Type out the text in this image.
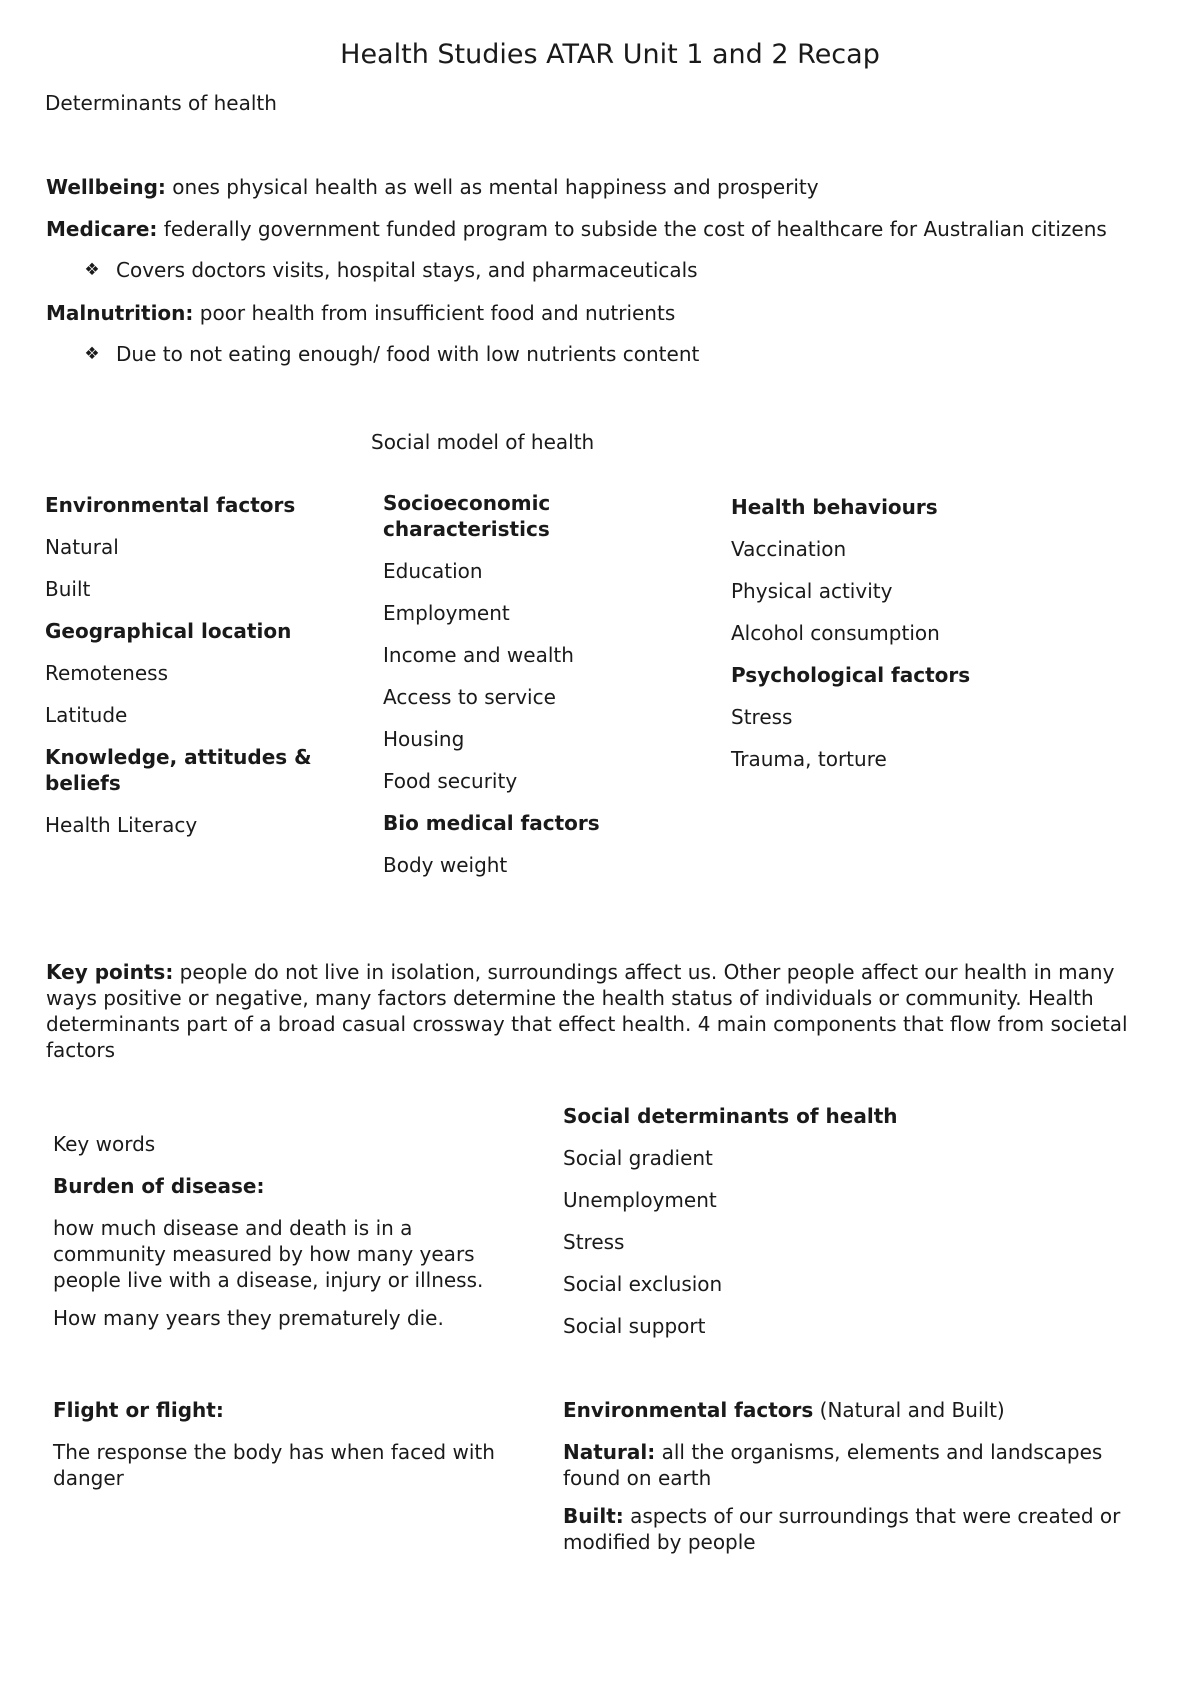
Health Studies ATAR Unit 1 and 2 Recap

Determinants of health

Wellbeing: ones physical health as well as mental happiness and prosperity

Medicare: federally government funded program to subside the cost of healthcare for Australian citizens

❖ Covers doctors visits, hospital stays, and pharmaceuticals

Malnutrition: poor health from insufficient food and nutrients

❖ Due to not eating enough/ food with low nutrients content

Social model of health

Environmental factors

Natural

Built

Geographical location

Remoteness

Latitude

Knowledge, attitudes & beliefs

Health Literacy

Socioeconomic characteristics

Education

Employment

Income and wealth

Access to service

Housing

Food security

Bio medical factors

Body weight

Health behaviours

Vaccination

Physical activity

Alcohol consumption

Psychological factors

Stress

Trauma, torture

Key points: people do not live in isolation, surroundings affect us. Other people affect our health in many ways positive or negative, many factors determine the health status of individuals or community. Health determinants part of a broad casual crossway that effect health. 4 main components that flow from societal factors

Key words

Burden of disease:

how much disease and death is in a community measured by how many years people live with a disease, injury or illness.

How many years they prematurely die.

Social determinants of health

Social gradient

Unemployment

Stress

Social exclusion

Social support

Flight or flight:

The response the body has when faced with danger

Environmental factors (Natural and Built)

Natural: all the organisms, elements and landscapes found on earth

Built: aspects of our surroundings that were created or modified by people
